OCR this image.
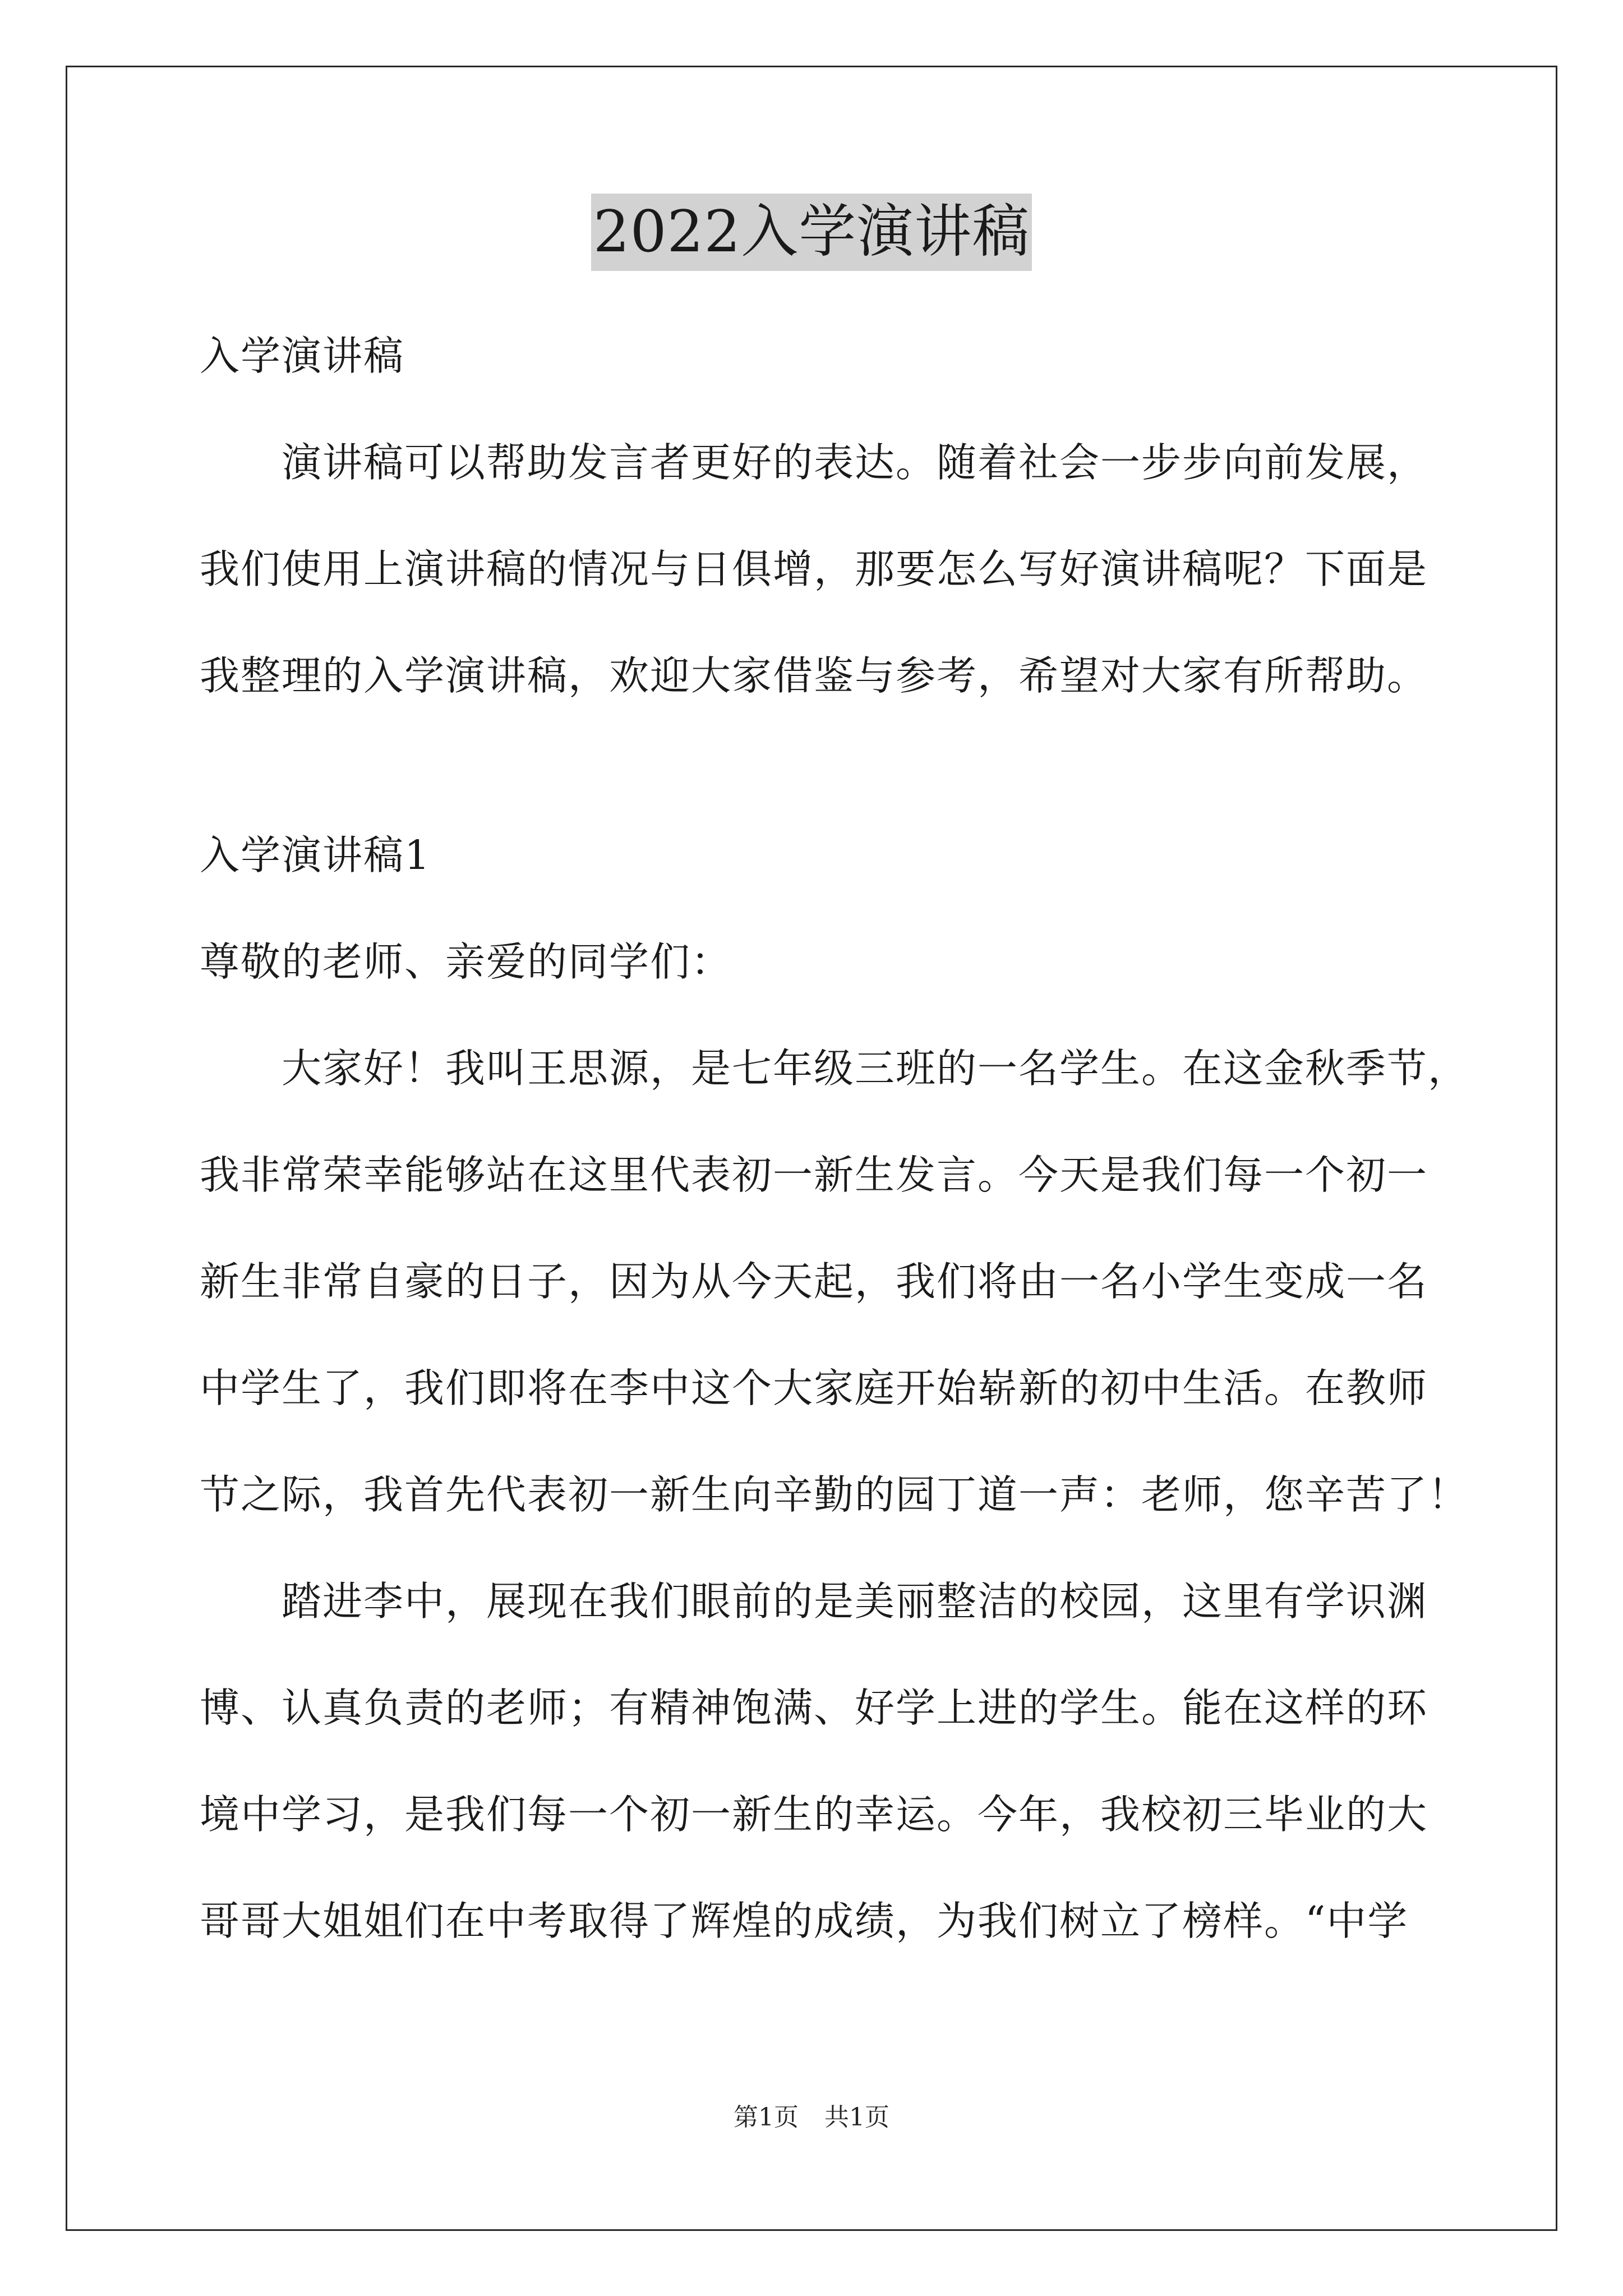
2022入学演讲稿

入学演讲稿

演讲稿可以帮助发言者更好的表达。随着社会一步步向前发展，

我们使用上演讲稿的情况与日俱增，那要怎么写好演讲稿呢？下面是

我整理的入学演讲稿，欢迎大家借鉴与参考，希望对大家有所帮助。

入学演讲稿1

尊敬的老师、亲爱的同学们：

大家好！我叫王思源，是七年级三班的一名学生。在这金秋季节，

我非常荣幸能够站在这里代表初一新生发言。今天是我们每一个初一

新生非常自豪的日子，因为从今天起，我们将由一名小学生变成一名

中学生了，我们即将在李中这个大家庭开始崭新的初中生活。在教师

节之际，我首先代表初一新生向辛勤的园丁道一声：老师，您辛苦了！

踏进李中，展现在我们眼前的是美丽整洁的校园，这里有学识渊

博、认真负责的老师；有精神饱满、好学上进的学生。能在这样的环

境中学习，是我们每一个初一新生的幸运。今年，我校初三毕业的大

哥哥大姐姐们在中考取得了辉煌的成绩，为我们树立了榜样。“中学

第1页 共1页
